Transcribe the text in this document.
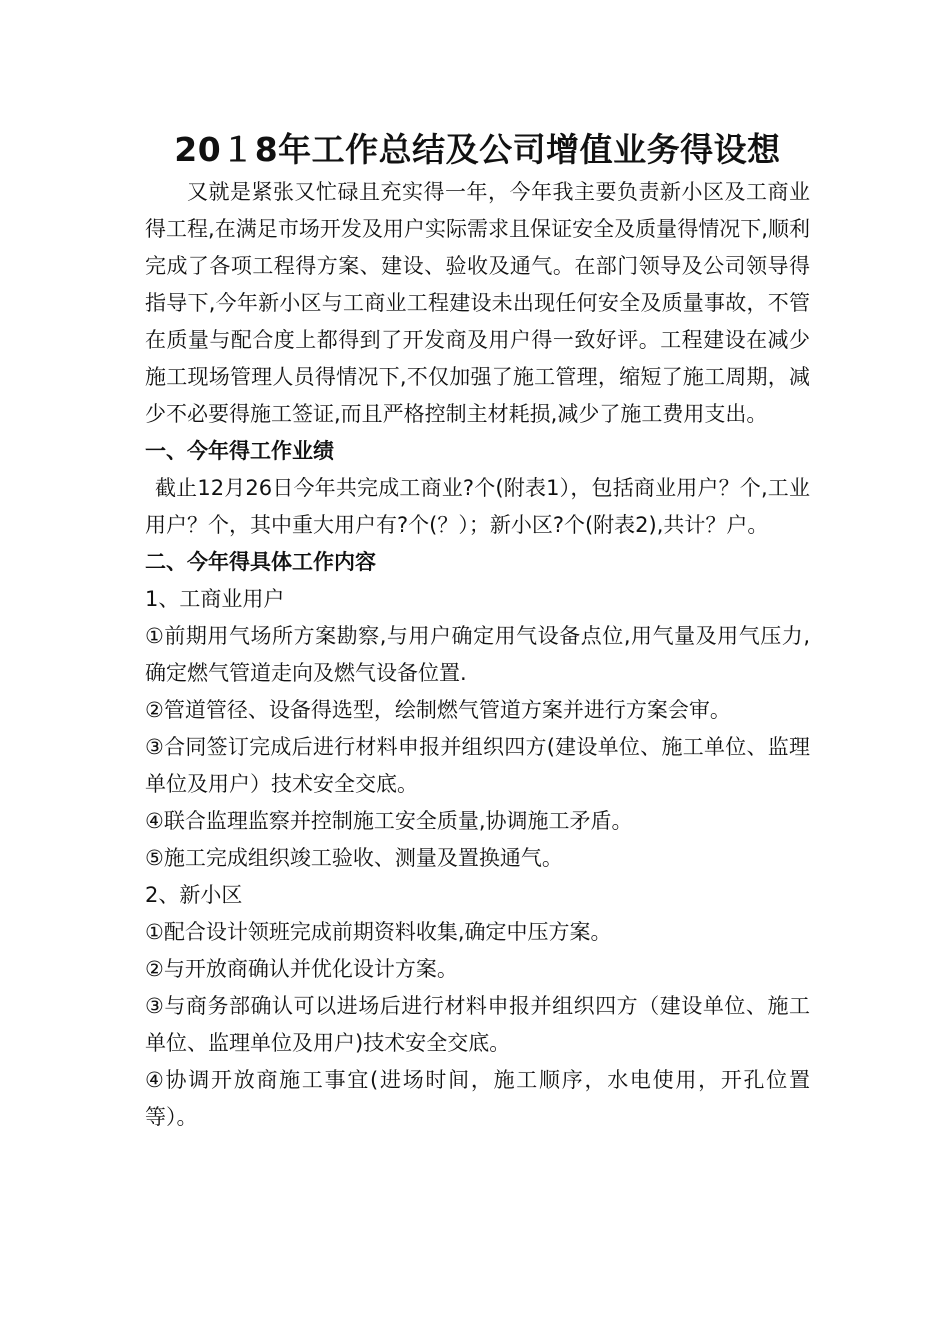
20１8年工作总结及公司增值业务得设想

又就是紧张又忙碌且充实得一年，今年我主要负责新小区及工商业得工程,在满足市场开发及用户实际需求且保证安全及质量得情况下,顺利完成了各项工程得方案、建设、验收及通气。在部门领导及公司领导得指导下,今年新小区与工商业工程建设未出现任何安全及质量事故，不管在质量与配合度上都得到了开发商及用户得一致好评。工程建设在减少施工现场管理人员得情况下,不仅加强了施工管理，缩短了施工周期，减少不必要得施工签证,而且严格控制主材耗损,减少了施工费用支出。

一、今年得工作业绩

截止12月26日今年共完成工商业?个(附表1），包括商业用户？个,工业用户？个，其中重大用户有?个(？）；新小区?个(附表2),共计？户。

二、今年得具体工作内容

1、工商业用户

①前期用气场所方案勘察,与用户确定用气设备点位,用气量及用气压力,确定燃气管道走向及燃气设备位置.

②管道管径、设备得选型，绘制燃气管道方案并进行方案会审。

③合同签订完成后进行材料申报并组织四方(建设单位、施工单位、监理单位及用户）技术安全交底。

④联合监理监察并控制施工安全质量,协调施工矛盾。

⑤施工完成组织竣工验收、测量及置换通气。

2、新小区

①配合设计领班完成前期资料收集,确定中压方案。

②与开放商确认并优化设计方案。

③与商务部确认可以进场后进行材料申报并组织四方（建设单位、施工单位、监理单位及用户)技术安全交底。

④协调开放商施工事宜(进场时间，施工顺序，水电使用，开孔位置等）。
